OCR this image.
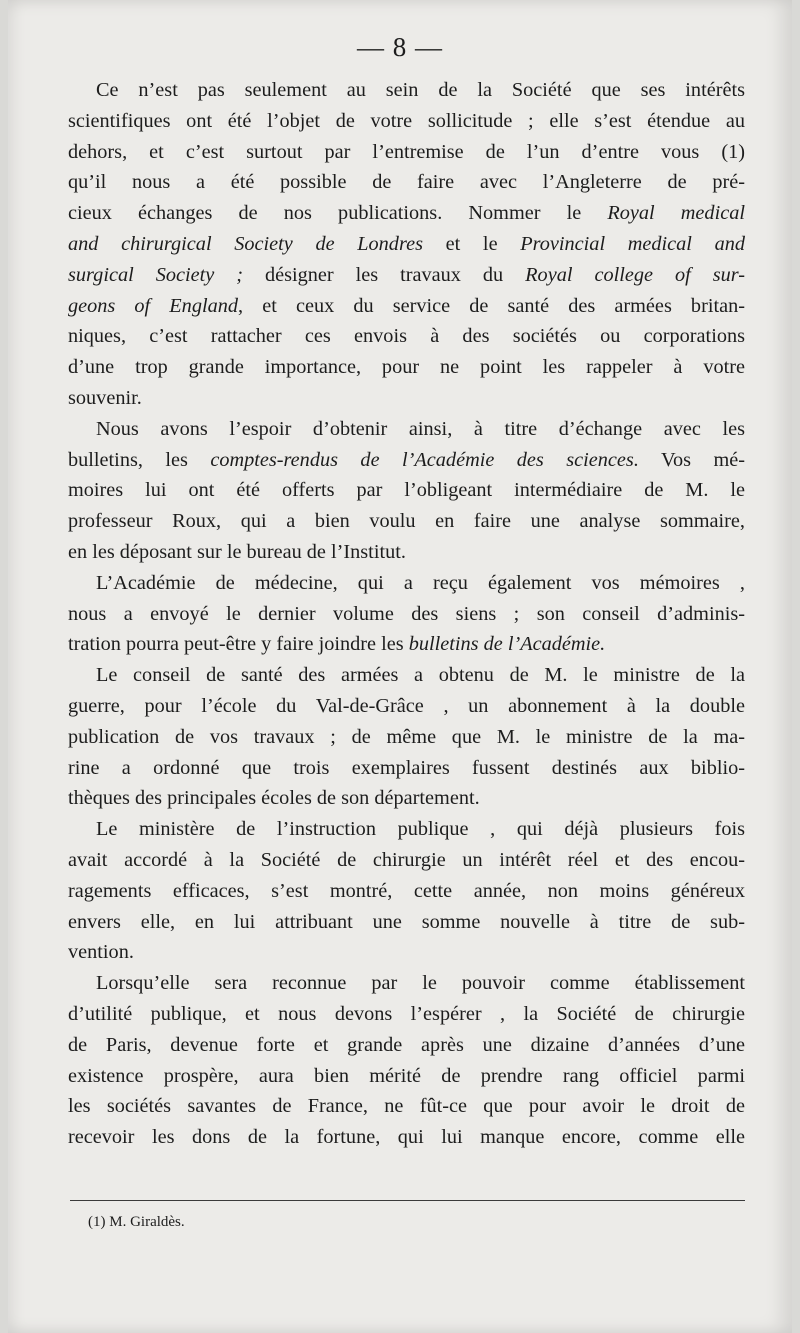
— 8 —
Ce n’est pas seulement au sein de la Société que ses intérêts
scientifiques ont été l’objet de votre sollicitude ; elle s’est étendue au
dehors, et c’est surtout par l’entremise de l’un d’entre vous (1)
qu’il nous a été possible de faire avec l’Angleterre de pré-
cieux échanges de nos publications. Nommer le Royal medical
and chirurgical Society de Londres et le Provincial medical and
surgical Society ; désigner les travaux du Royal college of sur-
geons of England, et ceux du service de santé des armées britan-
niques, c’est rattacher ces envois à des sociétés ou corporations
d’une trop grande importance, pour ne point les rappeler à votre
souvenir.
Nous avons l’espoir d’obtenir ainsi, à titre d’échange avec les
bulletins, les comptes-rendus de l’Académie des sciences. Vos mé-
moires lui ont été offerts par l’obligeant intermédiaire de M. le
professeur Roux, qui a bien voulu en faire une analyse sommaire,
en les déposant sur le bureau de l’Institut.
L’Académie de médecine, qui a reçu également vos mémoires ,
nous a envoyé le dernier volume des siens ; son conseil d’adminis-
tration pourra peut-être y faire joindre les bulletins de l’Académie.
Le conseil de santé des armées a obtenu de M. le ministre de la
guerre, pour l’école du Val-de-Grâce , un abonnement à la double
publication de vos travaux ; de même que M. le ministre de la ma-
rine a ordonné que trois exemplaires fussent destinés aux biblio-
thèques des principales écoles de son département.
Le ministère de l’instruction publique , qui déjà plusieurs fois
avait accordé à la Société de chirurgie un intérêt réel et des encou-
ragements efficaces, s’est montré, cette année, non moins généreux
envers elle, en lui attribuant une somme nouvelle à titre de sub-
vention.
Lorsqu’elle sera reconnue par le pouvoir comme établissement
d’utilité publique, et nous devons l’espérer , la Société de chirurgie
de Paris, devenue forte et grande après une dizaine d’années d’une
existence prospère, aura bien mérité de prendre rang officiel parmi
les sociétés savantes de France, ne fût-ce que pour avoir le droit de
recevoir les dons de la fortune, qui lui manque encore, comme elle
(1) M. Giraldès.
